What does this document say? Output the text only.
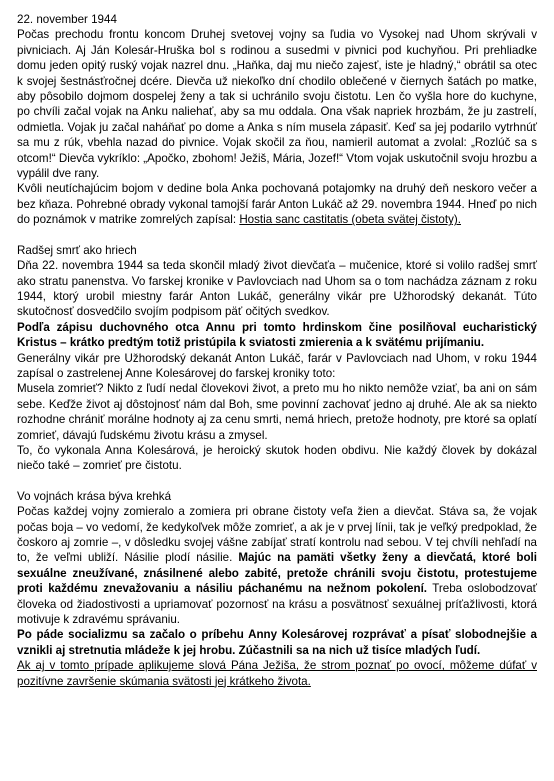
22. november 1944

Počas prechodu frontu koncom Druhej svetovej vojny sa ľudia vo Vysokej nad Uhom skrývali v pivniciach. Aj Ján Kolesár-Hruška bol s rodinou a susedmi v pivnici pod kuchyňou. Pri prehliadke domu jeden opitý ruský vojak nazrel dnu. „Haňka, daj mu niečo zajesť, iste je hladný,“ obrátil sa otec k svojej šestnásťročnej dcére. Dievča už niekoľko dní chodilo oblečené v čiernych šatách po matke, aby pôsobilo dojmom dospelej ženy a tak si uchránilo svoju čistotu. Len čo vyšla hore do kuchyne, po chvíli začal vojak na Anku naliehať, aby sa mu oddala. Ona však napriek hrozbám, že ju zastrelí, odmietla. Vojak ju začal naháňať po dome a Anka s ním musela zápasiť. Keď sa jej podarilo vytrhnúť sa mu z rúk, vbehla nazad do pivnice. Vojak skočil za ňou, namieril automat a zvolal: „Rozlúč sa s otcom!“ Dievča vykríklo: „Apočko, zbohom! Ježiš, Mária, Jozef!“ Vtom vojak uskutočnil svoju hrozbu a vypálil dve rany.

Kvôli neutíchajúcim bojom v dedine bola Anka pochovaná potajomky na druhý deň neskoro večer a bez kňaza. Pohrebné obrady vykonal tamojší farár Anton Lukáč až 29. novembra 1944. Hneď po nich do poznámok v matrike zomrelých zapísal: Hostia sanc castitatis (obeta svätej čistoty).

Radšej smrť ako hriech

Dňa 22. novembra 1944 sa teda skončil mladý život dievčaťa – mučenice, ktoré si volilo radšej smrť ako stratu panenstva. Vo farskej kronike v Pavlovciach nad Uhom sa o tom nachádza záznam z roku 1944, ktorý urobil miestny farár Anton Lukáč, generálny vikár pre Užhorodský dekanát. Túto skutočnosť dosvedčilo svojím podpisom päť očitých svedkov.

Podľa zápisu duchovného otca Annu pri tomto hrdinskom čine posilňoval eucharistický Kristus – krátko predtým totiž pristúpila k sviatosti zmierenia a k svätému prijímaniu.

Generálny vikár pre Užhorodský dekanát Anton Lukáč, farár v Pavlovciach nad Uhom, v roku 1944 zapísal o zastrelenej Anne Kolesárovej do farskej kroniky toto:

Musela zomrieť? Nikto z ľudí nedal človekovi život, a preto mu ho nikto nemôže vziať, ba ani on sám sebe. Keďže život aj dôstojnosť nám dal Boh, sme povinní zachovať jedno aj druhé. Ale ak sa niekto rozhodne chrániť morálne hodnoty aj za cenu smrti, nemá hriech, pretože hodnoty, pre ktoré sa oplatí zomrieť, dávajú ľudskému životu krásu a zmysel.

To, čo vykonala Anna Kolesárová, je heroický skutok hoden obdivu. Nie každý človek by dokázal niečo také – zomrieť pre čistotu.

Vo vojnách krása býva krehká

Počas každej vojny zomieralo a zomiera pri obrane čistoty veľa žien a dievčat. Stáva sa, že vojak počas boja – vo vedomí, že kedykoľvek môže zomrieť, a ak je v prvej línii, tak je veľký predpoklad, že čoskoro aj zomrie –, v dôsledku svojej vášne zabíjať stratí kontrolu nad sebou. V tej chvíli nehľadí na to, že veľmi ubliží. Násilie plodí násilie. Majúc na pamäti všetky ženy a dievčatá, ktoré boli sexuálne zneužívané, znásilnené alebo zabité, pretože chránili svoju čistotu, protestujeme proti každému znevažovaniu a násiliu páchanému na nežnom pokolení. Treba oslobodzovať človeka od žiadostivosti a upriamovať pozornosť na krásu a posvätnosť sexuálnej príťažlivosti, ktorá motivuje k zdravému správaniu.

Po páde socializmu sa začalo o príbehu Anny Kolesárovej rozprávať a písať slobodnejšie a vznikli aj stretnutia mládeže k jej hrobu. Zúčastnili sa na nich už tisíce mladých ľudí.

Ak aj v tomto prípade aplikujeme slová Pána Ježiša, že strom poznať po ovocí, môžeme dúfať v pozitívne završenie skúmania svätosti jej krátkeho života.
